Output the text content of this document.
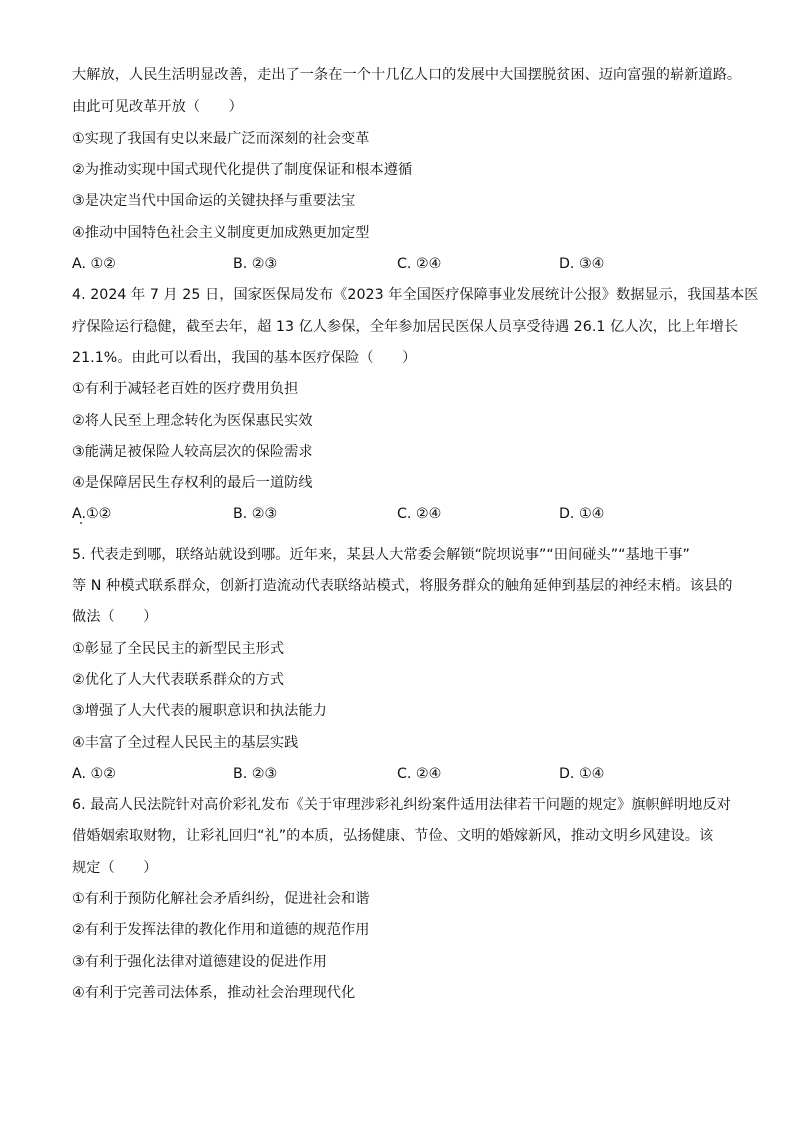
大解放，人民生活明显改善，走出了一条在一个十几亿人口的发展中大国摆脱贫困、迈向富强的崭新道路。
由此可见改革开放（　　）
①实现了我国有史以来最广泛而深刻的社会变革
②为推动实现中国式现代化提供了制度保证和根本遵循
③是决定当代中国命运的关键抉择与重要法宝
④推动中国特色社会主义制度更加成熟更加定型
A. ①②	B. ②③	C. ②④	D. ③④
4. 2024 年 7 月 25 日，国家医保局发布《2023 年全国医疗保障事业发展统计公报》数据显示，我国基本医
疗保险运行稳健，截至去年，超 13 亿人参保，全年参加居民医保人员享受待遇 26.1 亿人次，比上年增长
21.1%。由此可以看出，我国的基本医疗保险（　　）
①有利于减轻老百姓的医疗费用负担
②将人民至上理念转化为医保惠民实效
③能满足被保险人较高层次的保险需求
④是保障居民生存权利的最后一道防线
A.①②	B. ②③	C. ②④	D. ①④
5. 代表走到哪，联络站就设到哪。近年来，某县人大常委会解锁“院坝说事”“田间碰头”“基地干事”
等 N 种模式联系群众，创新打造流动代表联络站模式，将服务群众的触角延伸到基层的神经末梢。该县的
做法（　　）
①彰显了全民民主的新型民主形式
②优化了人大代表联系群众的方式
③增强了人大代表的履职意识和执法能力
④丰富了全过程人民民主的基层实践
A. ①②	B. ②③	C. ②④	D. ①④
6. 最高人民法院针对高价彩礼发布《关于审理涉彩礼纠纷案件适用法律若干问题的规定》旗帜鲜明地反对
借婚姻索取财物，让彩礼回归“礼”的本质，弘扬健康、节俭、文明的婚嫁新风，推动文明乡风建设。该
规定（　　）
①有利于预防化解社会矛盾纠纷，促进社会和谐
②有利于发挥法律的教化作用和道德的规范作用
③有利于强化法律对道德建设的促进作用
④有利于完善司法体系，推动社会治理现代化
